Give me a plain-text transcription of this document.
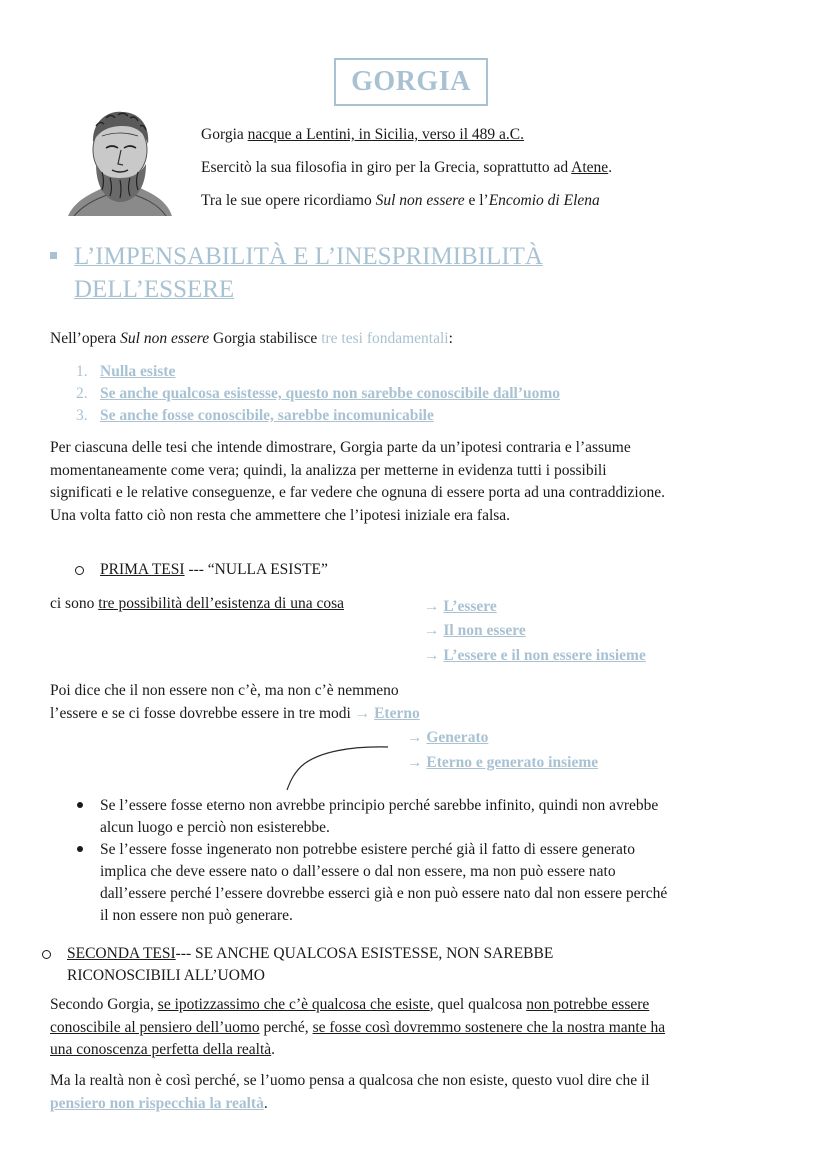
GORGIA
Gorgia nacque a Lentini, in Sicilia, verso il 489 a.C.
Esercitò la sua filosofia in giro per la Grecia, soprattutto ad Atene.
Tra le sue opere ricordiamo Sul non essere e l’Encomio di Elena
L’IMPENSABILITÀ E L’INESPRIMIBILITÀ
DELL’ESSERE
Nell’opera Sul non essere Gorgia stabilisce tre tesi fondamentali:
1. Nulla esiste
2. Se anche qualcosa esistesse, questo non sarebbe conoscibile dall’uomo
3. Se anche fosse conoscibile, sarebbe incomunicabile
Per ciascuna delle tesi che intende dimostrare, Gorgia parte da un’ipotesi contraria e l’assume
momentaneamente come vera; quindi, la analizza per metterne in evidenza tutti i possibili
significati e le relative conseguenze, e far vedere che ognuna di essere porta ad una contraddizione.
Una volta fatto ciò non resta che ammettere che l’ipotesi iniziale era falsa.
PRIMA TESI --- “NULLA ESISTE”
ci sono tre possibilità dell’esistenza di una cosa	→ L’essere
→ Il non essere
→ L’essere e il non essere insieme
Poi dice che il non essere non c’è, ma non c’è nemmeno
l’essere e se ci fosse dovrebbe essere in tre modi → Eterno
→ Generato
→ Eterno e generato insieme
Se l’essere fosse eterno non avrebbe principio perché sarebbe infinito, quindi non avrebbe
alcun luogo e perciò non esisterebbe.
Se l’essere fosse ingenerato non potrebbe esistere perché già il fatto di essere generato
implica che deve essere nato o dall’essere o dal non essere, ma non può essere nato
dall’essere perché l’essere dovrebbe esserci già e non può essere nato dal non essere perché
il non essere non può generare.
SECONDA TESI--- SE ANCHE QUALCOSA ESISTESSE, NON SAREBBE
RICONOSCIBILI ALL’UOMO
Secondo Gorgia, se ipotizzassimo che c’è qualcosa che esiste, quel qualcosa non potrebbe essere
conoscibile al pensiero dell’uomo perché, se fosse così dovremmo sostenere che la nostra mante ha
una conoscenza perfetta della realtà.
Ma la realtà non è così perché, se l’uomo pensa a qualcosa che non esiste, questo vuol dire che il
pensiero non rispecchia la realtà.
